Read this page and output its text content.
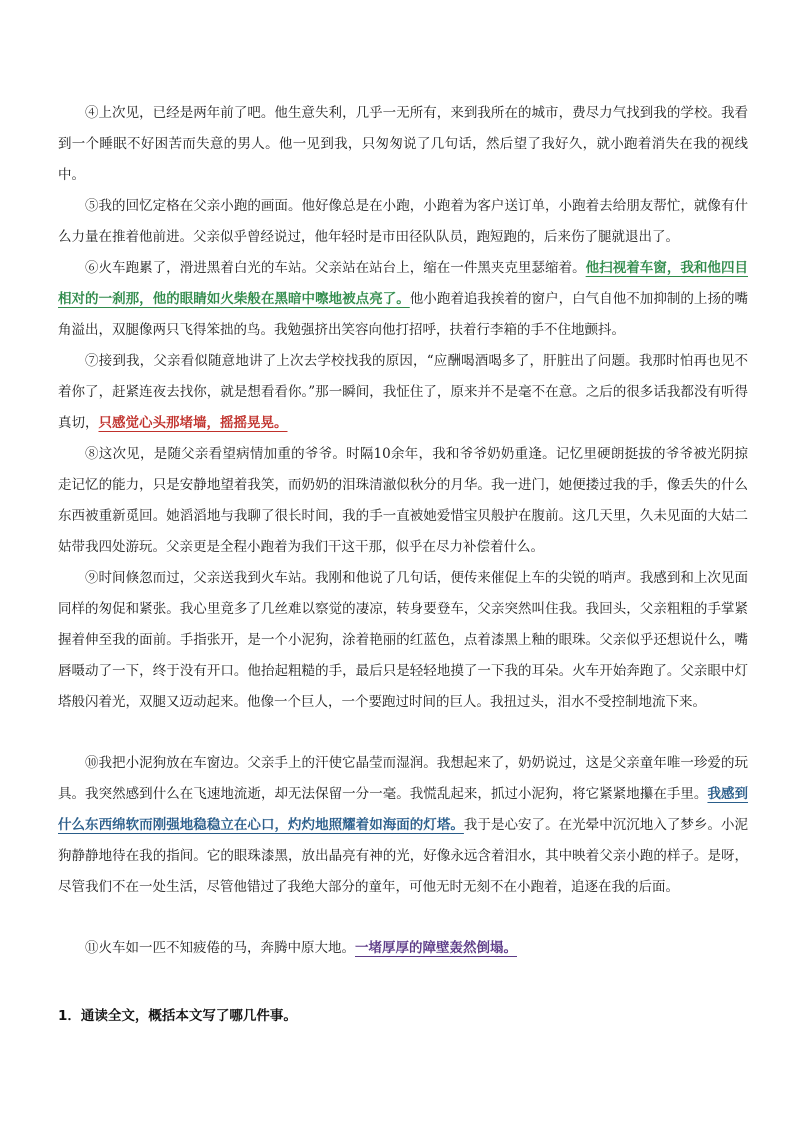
④上次见，已经是两年前了吧。他生意失利，几乎一无所有，来到我所在的城市，费尽力气找到我的学校。我看到一个睡眠不好困苦而失意的男人。他一见到我，只匆匆说了几句话，然后望了我好久，就小跑着消失在我的视线中。

⑤我的回忆定格在父亲小跑的画面。他好像总是在小跑，小跑着为客户送订单，小跑着去给朋友帮忙，就像有什么力量在推着他前进。父亲似乎曾经说过，他年轻时是市田径队队员，跑短跑的，后来伤了腿就退出了。

⑥火车跑累了，滑进黑着白光的车站。父亲站在站台上，缩在一件黑夹克里瑟缩着。他扫视着车窗，我和他四目相对的一刹那，他的眼睛如火柴般在黑暗中嚓地被点亮了。他小跑着追我挨着的窗户，白气自他不加抑制的上扬的嘴角溢出，双腿像两只飞得笨拙的鸟。我勉强挤出笑容向他打招呼，扶着行李箱的手不住地颤抖。

⑦接到我，父亲看似随意地讲了上次去学校找我的原因，“应酬喝酒喝多了，肝脏出了问题。我那时怕再也见不着你了，赶紧连夜去找你，就是想看看你。”那一瞬间，我怔住了，原来并不是毫不在意。之后的很多话我都没有听得真切，只感觉心头那堵墙，摇摇晃晃。

⑧这次见，是随父亲看望病情加重的爷爷。时隔10余年，我和爷爷奶奶重逢。记忆里硬朗挺拔的爷爷被光阴掠走记忆的能力，只是安静地望着我笑，而奶奶的泪珠清澈似秋分的月华。我一进门，她便搂过我的手，像丢失的什么东西被重新觅回。她滔滔地与我聊了很长时间，我的手一直被她爱惜宝贝般护在腹前。这几天里，久未见面的大姑二姑带我四处游玩。父亲更是全程小跑着为我们干这干那，似乎在尽力补偿着什么。

⑨时间倏忽而过，父亲送我到火车站。我刚和他说了几句话，便传来催促上车的尖锐的哨声。我感到和上次见面同样的匆促和紧张。我心里竟多了几丝难以察觉的凄凉，转身要登车，父亲突然叫住我。我回头，父亲粗粗的手掌紧握着伸至我的面前。手指张开，是一个小泥狗，涂着艳丽的红蓝色，点着漆黑上釉的眼珠。父亲似乎还想说什么，嘴唇嗫动了一下，终于没有开口。他抬起粗糙的手，最后只是轻轻地摸了一下我的耳朵。火车开始奔跑了。父亲眼中灯塔般闪着光，双腿又迈动起来。他像一个巨人，一个要跑过时间的巨人。我扭过头，泪水不受控制地流下来。

⑩我把小泥狗放在车窗边。父亲手上的汗使它晶莹而湿润。我想起来了，奶奶说过，这是父亲童年唯一珍爱的玩具。我突然感到什么在飞速地流逝，却无法保留一分一毫。我慌乱起来，抓过小泥狗，将它紧紧地攥在手里。我感到什么东西绵软而刚强地稳稳立在心口，灼灼地照耀着如海面的灯塔。我于是心安了。在光晕中沉沉地入了梦乡。小泥狗静静地待在我的指间。它的眼珠漆黑，放出晶亮有神的光，好像永远含着泪水，其中映着父亲小跑的样子。是呀，尽管我们不在一处生活，尽管他错过了我绝大部分的童年，可他无时无刻不在小跑着，追逐在我的后面。

⑪火车如一匹不知疲倦的马，奔腾中原大地。一堵厚厚的障壁轰然倒塌。

1．通读全文，概括本文写了哪几件事。
